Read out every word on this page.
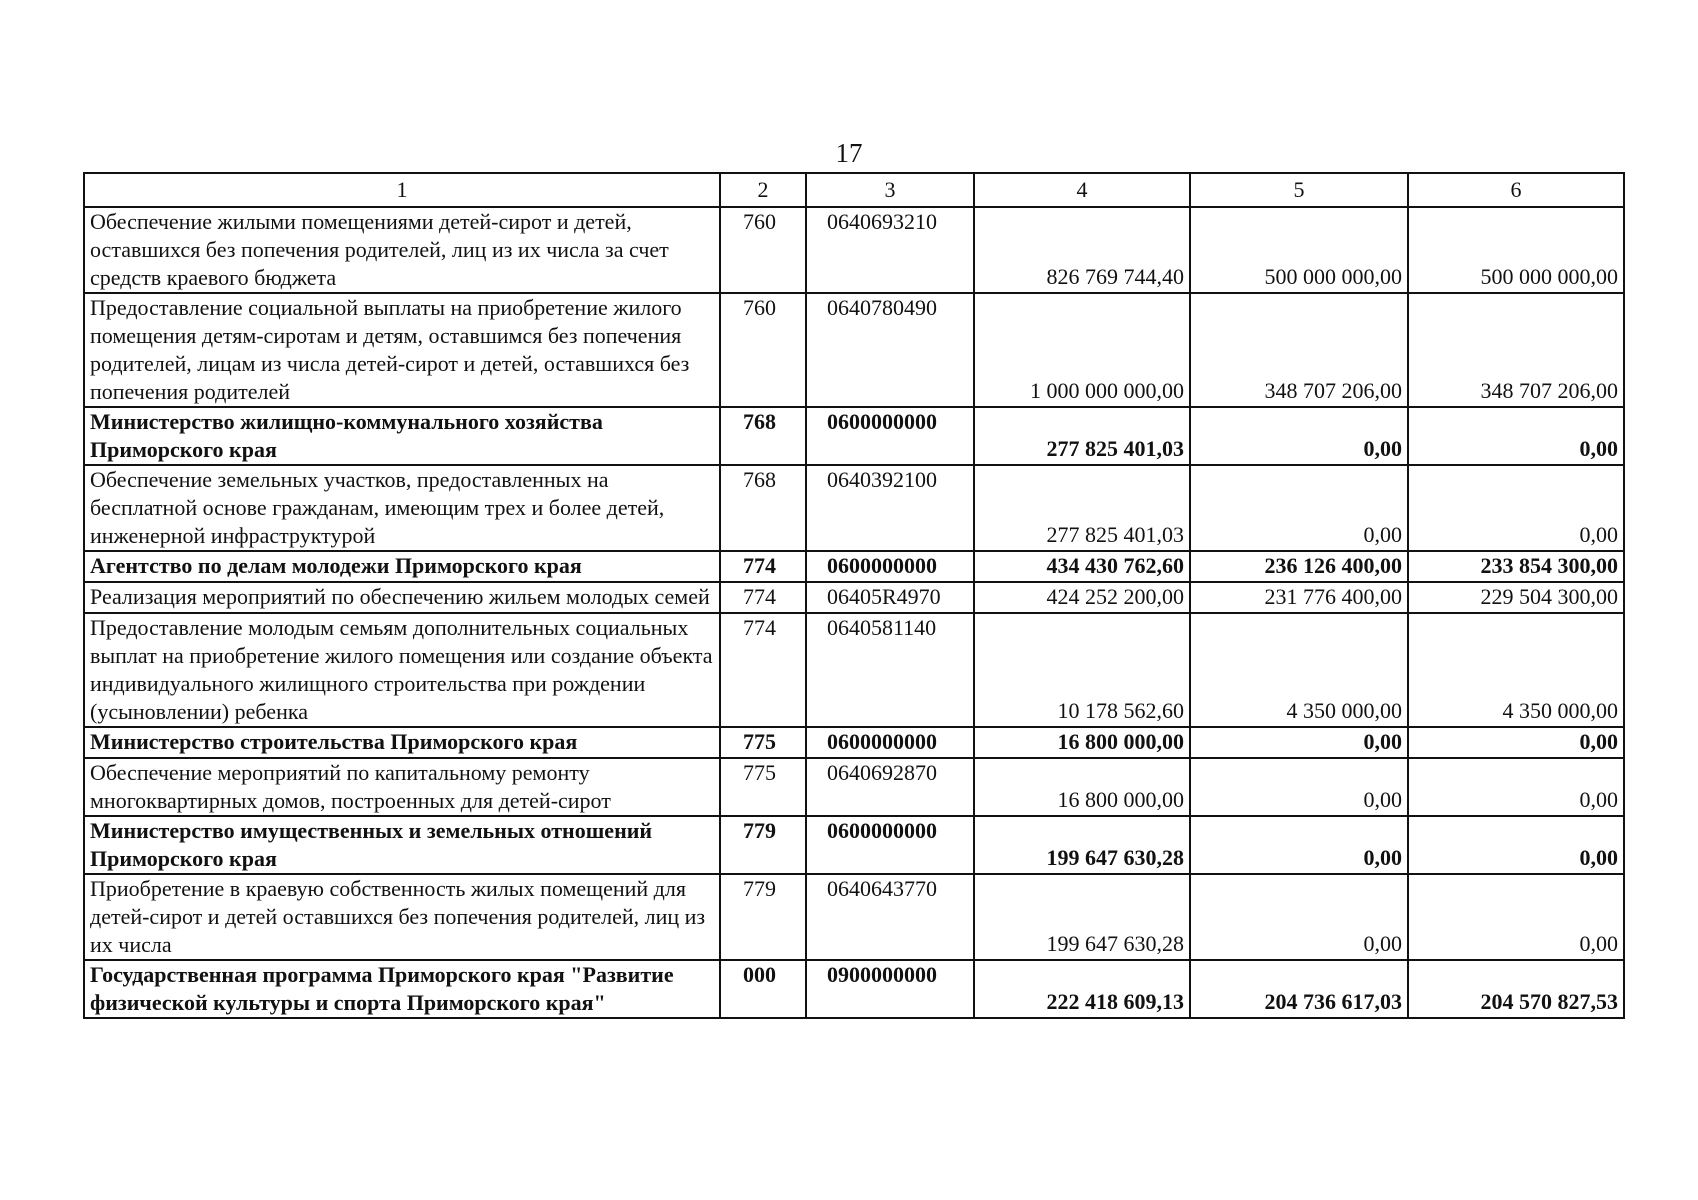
17
1	2	3	4	5	6
Обеспечение жилыми помещениями детей-сирот и детей, оставшихся без попечения родителей, лиц из их числа за счет средств краевого бюджета	760	0640693210	826 769 744,40	500 000 000,00	500 000 000,00
Предоставление социальной выплаты на приобретение жилого помещения детям-сиротам и детям, оставшимся без попечения родителей, лицам из числа детей-сирот и детей, оставшихся без попечения родителей	760	0640780490	1 000 000 000,00	348 707 206,00	348 707 206,00
Министерство жилищно-коммунального хозяйства Приморского края	768	0600000000	277 825 401,03	0,00	0,00
Обеспечение земельных участков, предоставленных на бесплатной основе гражданам, имеющим трех и более детей, инженерной инфраструктурой	768	0640392100	277 825 401,03	0,00	0,00
Агентство по делам молодежи Приморского края	774	0600000000	434 430 762,60	236 126 400,00	233 854 300,00
Реализация мероприятий по обеспечению жильем молодых семей	774	06405R4970	424 252 200,00	231 776 400,00	229 504 300,00
Предоставление молодым семьям дополнительных социальных выплат на приобретение жилого помещения или создание объекта индивидуального жилищного строительства при рождении (усыновлении) ребенка	774	0640581140	10 178 562,60	4 350 000,00	4 350 000,00
Министерство строительства Приморского края	775	0600000000	16 800 000,00	0,00	0,00
Обеспечение мероприятий по капитальному ремонту многоквартирных домов, построенных для детей-сирот	775	0640692870	16 800 000,00	0,00	0,00
Министерство имущественных и земельных отношений Приморского края	779	0600000000	199 647 630,28	0,00	0,00
Приобретение в краевую собственность жилых помещений для детей-сирот и детей оставшихся без попечения родителей, лиц из их числа	779	0640643770	199 647 630,28	0,00	0,00
Государственная программа Приморского края "Развитие физической культуры и спорта Приморского края"	000	0900000000	222 418 609,13	204 736 617,03	204 570 827,53
